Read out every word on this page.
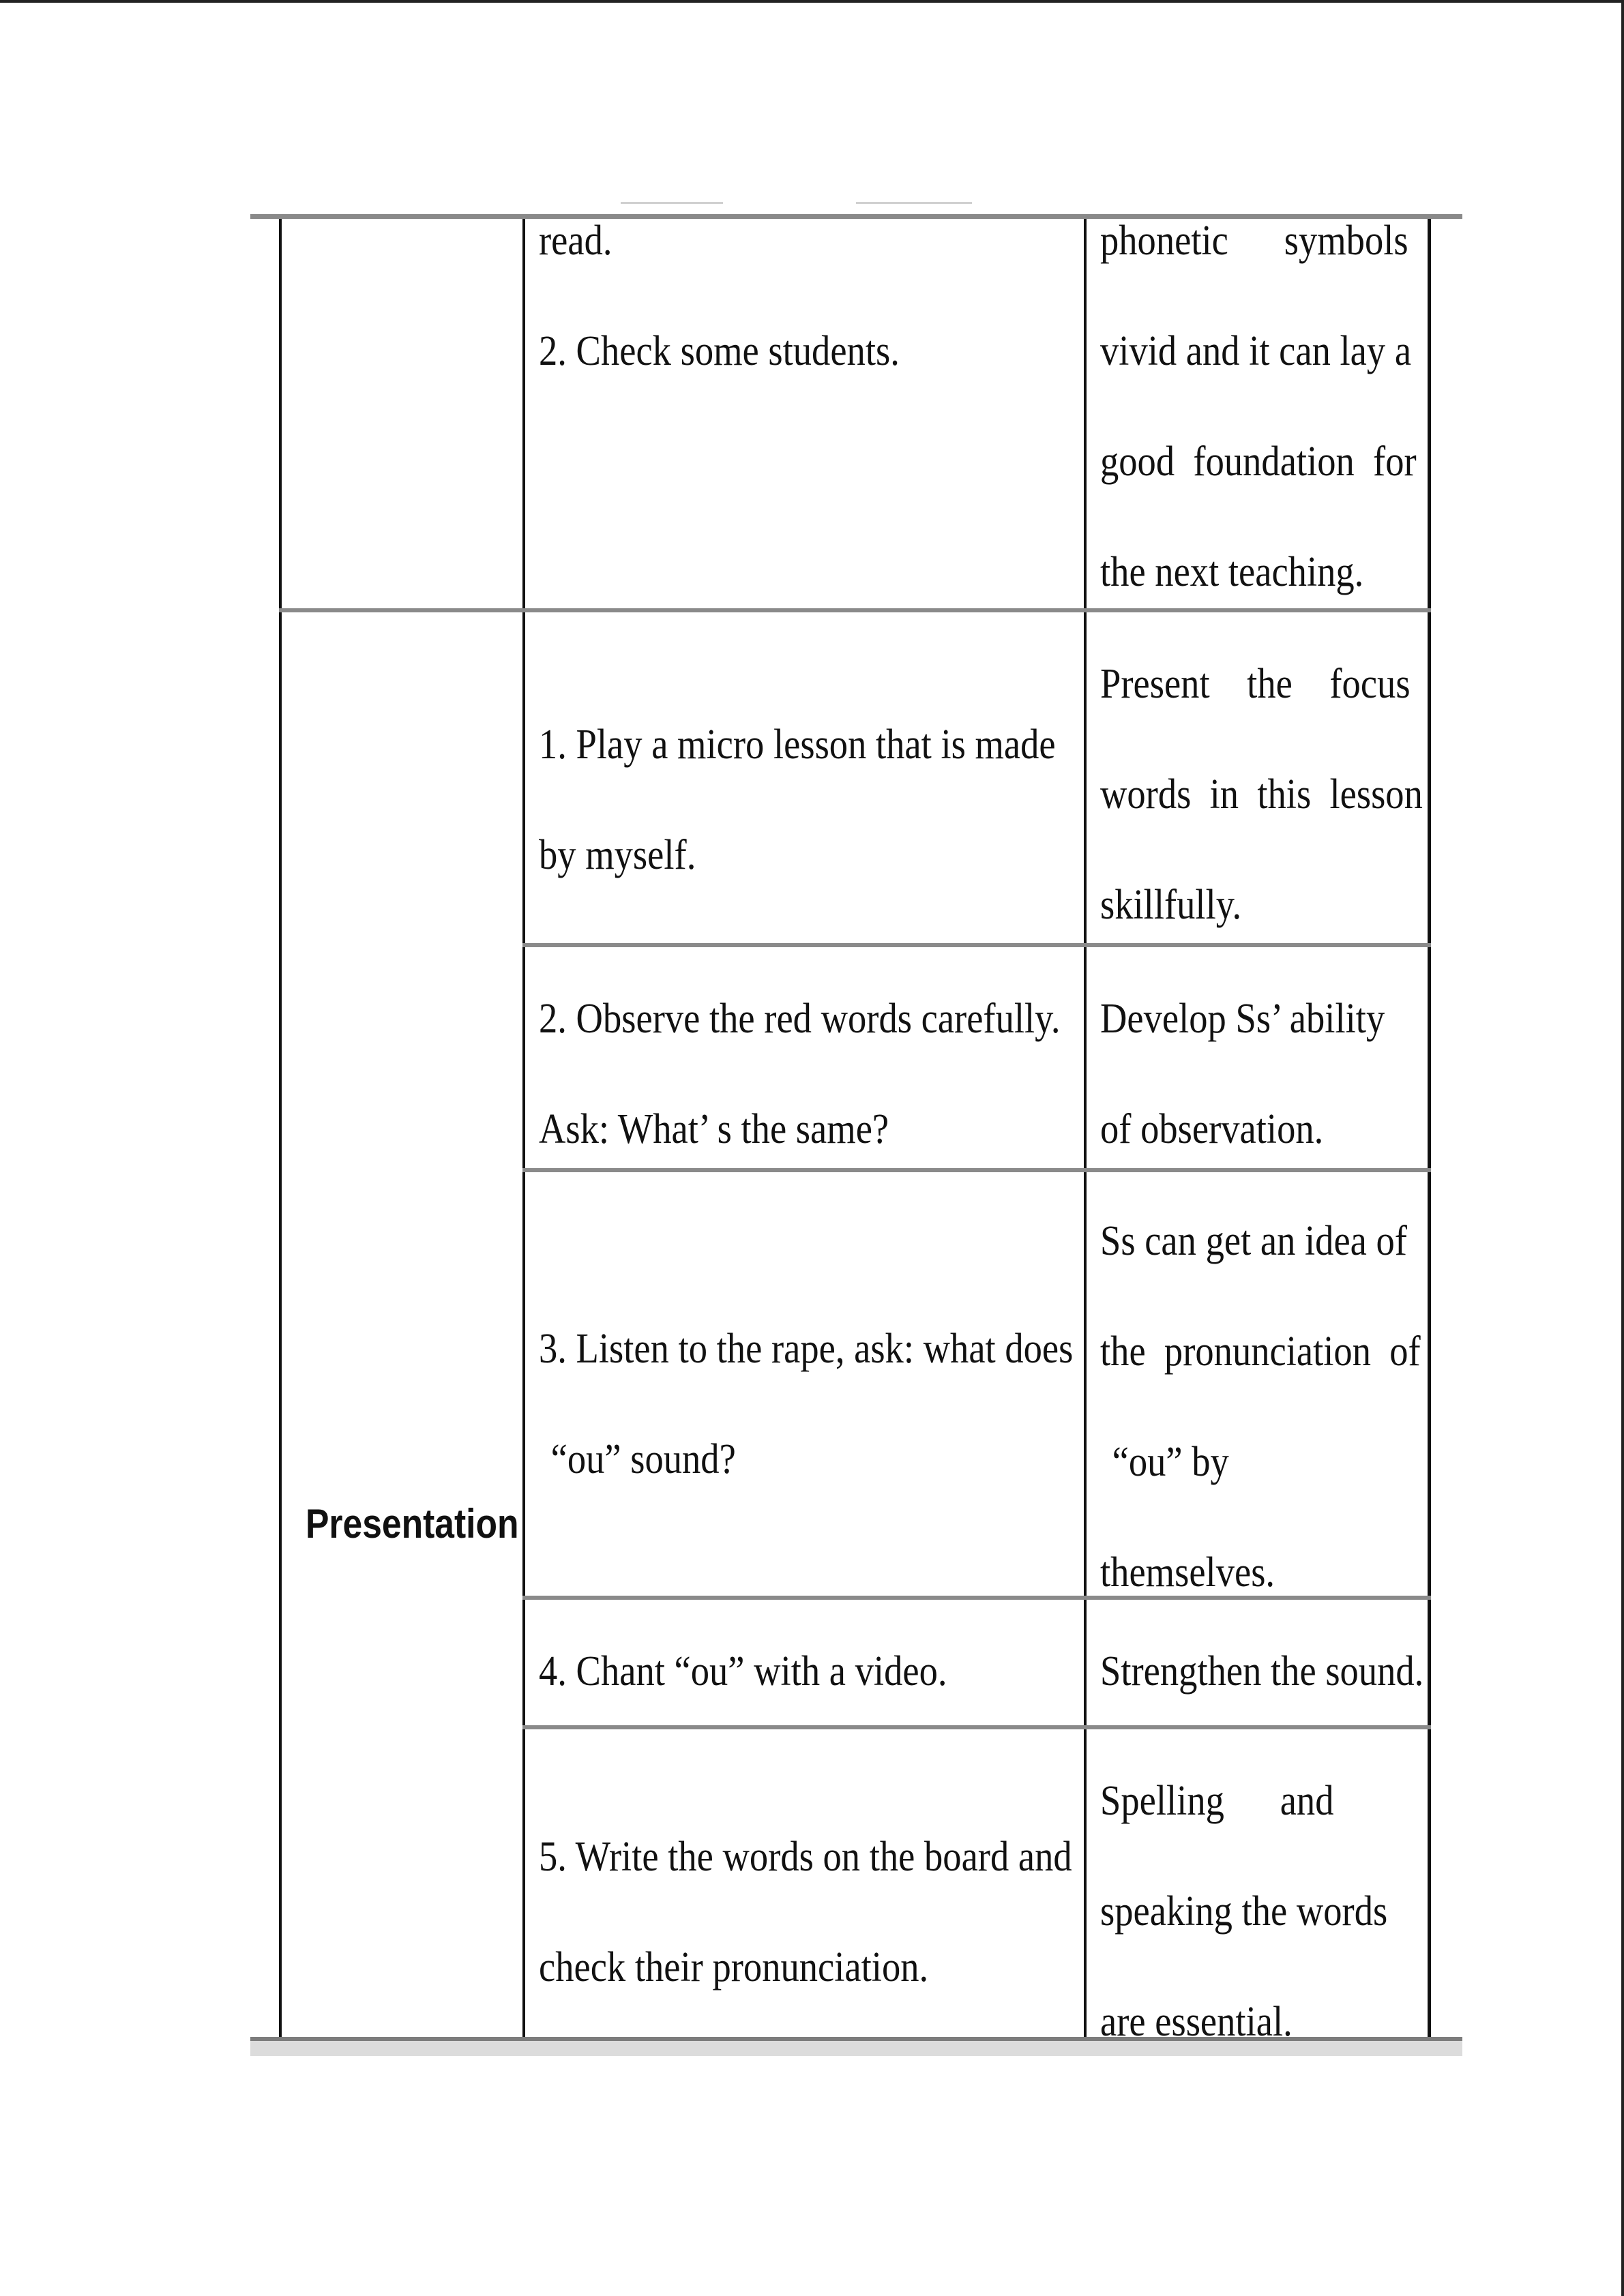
Presentation

read.

2. Check some students.

phonetic      symbols

vivid and it can lay a

good  foundation  for

the next teaching.

1. Play a micro lesson that is made

by myself.

Present    the    focus

words  in  this  lesson

skillfully.

2. Observe the red words carefully.

Ask: What’ s the same?

Develop Ss’ ability

of observation.

3. Listen to the rape, ask: what does

“ou” sound?

Ss can get an idea of

the  pronunciation  of

“ou” by

themselves.

4. Chant “ou” with a video.	Strengthen the sound.

5. Write the words on the board and

check their pronunciation.

Spelling      and

speaking the words

are essential.
